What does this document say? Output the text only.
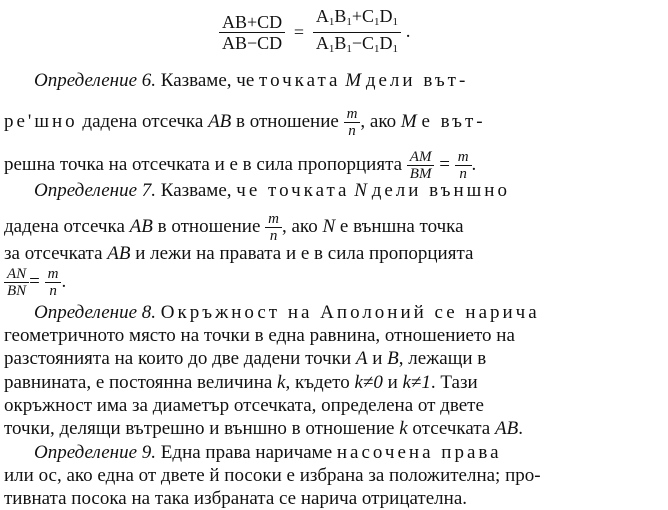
$\frac{AB+CD}{AB-CD} = \frac{A_1B_1+C_1D_1}{A_1B_1-C_1D_1}$ .
Определение 6. Казваме, че точката M дели вът-
ре'шно дадена отсечка AB в отношение $\frac{m}{n}$ , ако M е вът-
решна точка на отсечката и е в сила пропорцията $\frac{AM}{BM} = \frac{m}{n}$ .
Определение 7. Казваме, че точката N дели външно
дадена отсечка AB в отношение $\frac{m}{n}$ , ако N е външна точка
за отсечката AB и лежи на правата и е в сила пропорцията
$\frac{AN}{BN} = \frac{m}{n}$ .
Определение 8. Окръжност на Аполоний се нарича
геометричното място на точки в една равнина, отношението на
разстоянията на които до две дадени точки A и B, лежащи в
равнината, е постоянна величина k, където k≠0 и k≠1. Тази
окръжност има за диаметър отсечката, определена от двете
точки, делящи вътрешно и външно в отношение k отсечката AB.
Определение 9. Една права наричаме насочена права
или ос, ако една от двете й посоки е избрана за положителна; про-
тивната посока на така избраната се нарича отрицателна.
